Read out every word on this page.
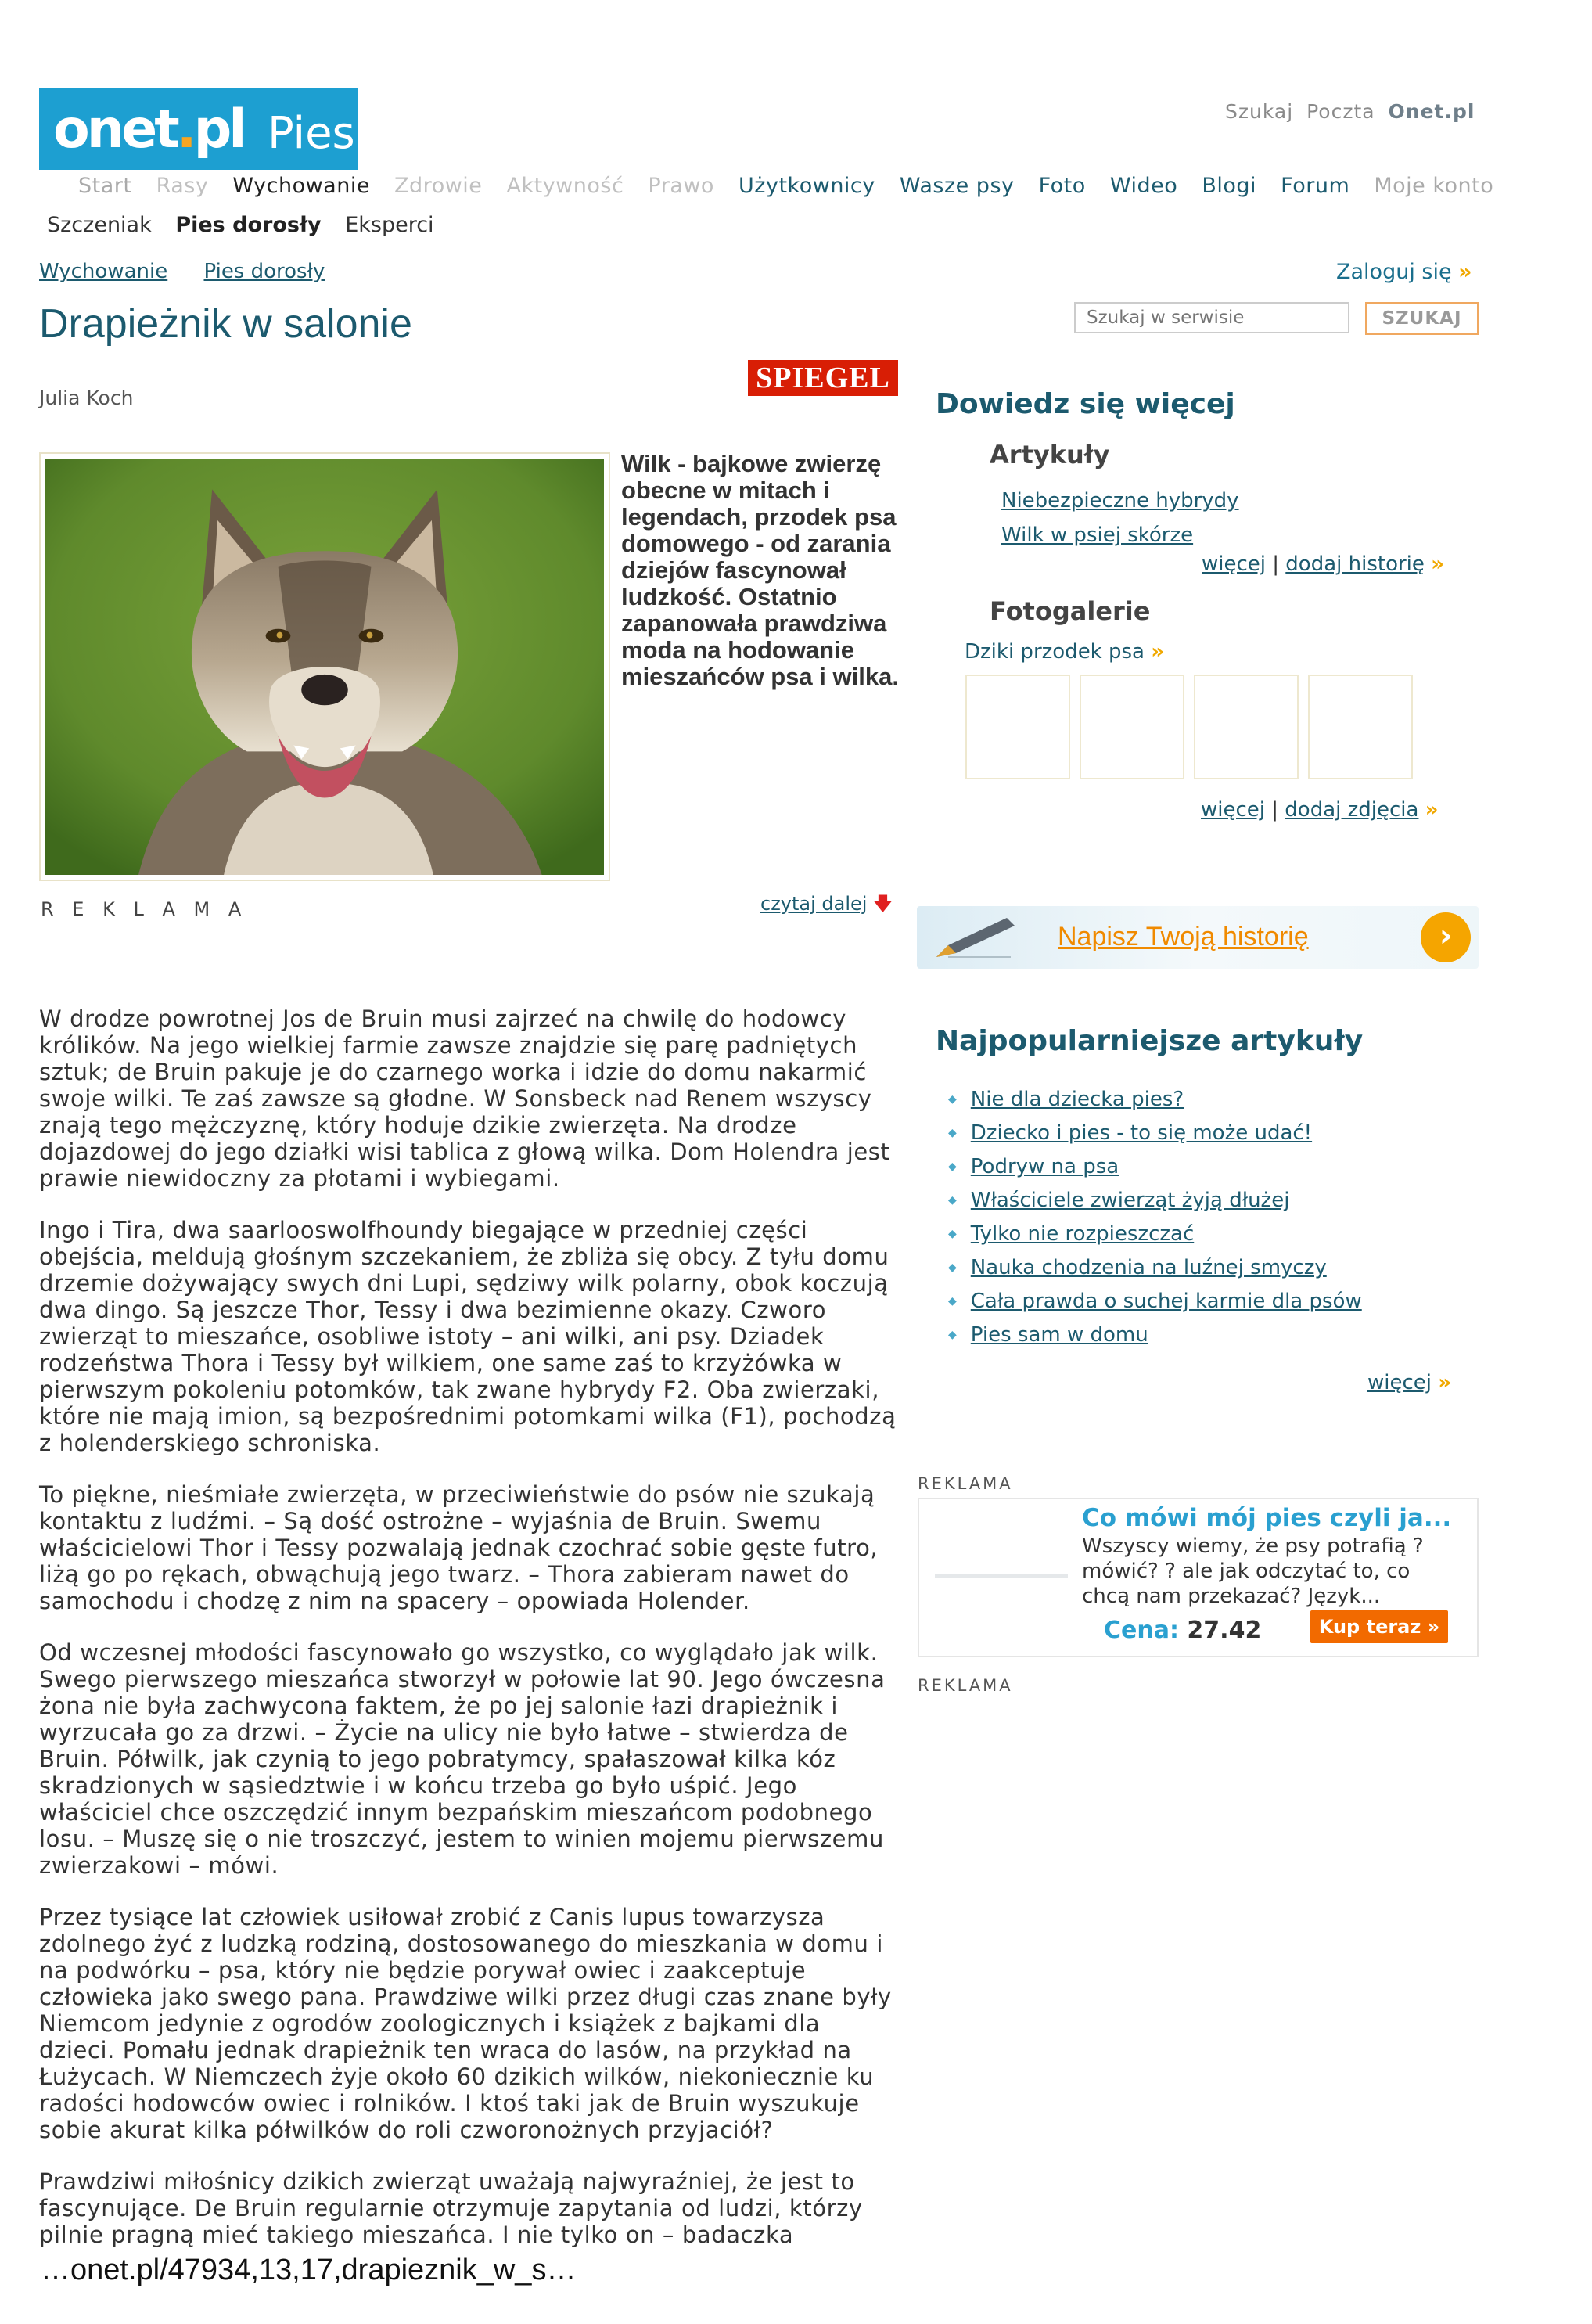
onet.pl Pies	Szukaj Poczta Onet.pl
Start Rasy Wychowanie Zdrowie Aktywność Prawo Użytkownicy Wasze psy Foto Wideo Blogi Forum Moje konto
Szczeniak Pies dorosły Eksperci
Wychowanie Pies dorosły	Zaloguj się »
Szukaj w serwisie
SZUKAJ
Drapieżnik w salonie
Julia Koch
SPIEGEL
Wilk - bajkowe zwierzę obecne w mitach i legendach, przodek psa domowego - od zarania dziejów fascynował ludzkość. Ostatnio zapanowała prawdziwa moda na hodowanie mieszańców psa i wilka.
R E K L A M A	czytaj dalej 🡇

W drodze powrotnej Jos de Bruin musi zajrzeć na chwilę do hodowcy królików. Na jego wielkiej farmie zawsze znajdzie się parę padniętych sztuk; de Bruin pakuje je do czarnego worka i idzie do domu nakarmić swoje wilki. Te zaś zawsze są głodne. W Sonsbeck nad Renem wszyscy znają tego mężczyznę, który hoduje dzikie zwierzęta. Na drodze dojazdowej do jego działki wisi tablica z głową wilka. Dom Holendra jest prawie niewidoczny za płotami i wybiegami.

Ingo i Tira, dwa saarlooswolfhoundy biegające w przedniej części obejścia, meldują głośnym szczekaniem, że zbliża się obcy. Z tyłu domu drzemie dożywający swych dni Lupi, sędziwy wilk polarny, obok koczują dwa dingo. Są jeszcze Thor, Tessy i dwa bezimienne okazy. Czworo zwierząt to mieszańce, osobliwe istoty – ani wilki, ani psy. Dziadek rodzeństwa Thora i Tessy był wilkiem, one same zaś to krzyżówka w pierwszym pokoleniu potomków, tak zwane hybrydy F2. Oba zwierzaki, które nie mają imion, są bezpośrednimi potomkami wilka (F1), pochodzą z holenderskiego schroniska.

To piękne, nieśmiałe zwierzęta, w przeciwieństwie do psów nie szukają kontaktu z ludźmi. – Są dość ostrożne – wyjaśnia de Bruin. Swemu właścicielowi Thor i Tessy pozwalają jednak czochrać sobie gęste futro, liżą go po rękach, obwąchują jego twarz. – Thora zabieram nawet do samochodu i chodzę z nim na spacery – opowiada Holender.

Od wczesnej młodości fascynowało go wszystko, co wyglądało jak wilk. Swego pierwszego mieszańca stworzył w połowie lat 90. Jego ówczesna żona nie była zachwycona faktem, że po jej salonie łazi drapieżnik i wyrzucała go za drzwi. – Życie na ulicy nie było łatwe – stwierdza de Bruin. Półwilk, jak czynią to jego pobratymcy, spałaszował kilka kóz skradzionych w sąsiedztwie i w końcu trzeba go było uśpić. Jego właściciel chce oszczędzić innym bezpańskim mieszańcom podobnego losu. – Muszę się o nie troszczyć, jestem to winien mojemu pierwszemu zwierzakowi – mówi.

Przez tysiące lat człowiek usiłował zrobić z Canis lupus towarzysza zdolnego żyć z ludzką rodziną, dostosowanego do mieszkania w domu i na podwórku – psa, który nie będzie porywał owiec i zaakceptuje człowieka jako swego pana. Prawdziwe wilki przez długi czas znane były Niemcom jedynie z ogrodów zoologicznych i książek z bajkami dla dzieci. Pomału jednak drapieżnik ten wraca do lasów, na przykład na Łużycach. W Niemczech żyje około 60 dzikich wilków, niekoniecznie ku radości hodowców owiec i rolników. I ktoś taki jak de Bruin wyszukuje sobie akurat kilka półwilków do roli czworonożnych przyjaciół?

Prawdziwi miłośnicy dzikich zwierząt uważają najwyraźniej, że jest to fascynujące. De Bruin regularnie otrzymuje zapytania od ludzi, którzy pilnie pragną mieć takiego mieszańca. I nie tylko on – badaczka

…onet.pl/47934,13,17,drapieznik_w_s…
Dowiedz się więcej
Artykuły
Niebezpieczne hybrydy
Wilk w psiej skórze
więcej | dodaj historię »
Fotogalerie
Dziki przodek psa »
więcej | dodaj zdjęcia »
Napisz Twoją historię	›
Najpopularniejsze artykuły
◆ Nie dla dziecka pies?
◆ Dziecko i pies - to się może udać!
◆ Podryw na psa
◆ Właściciele zwierząt żyją dłużej
◆ Tylko nie rozpieszczać
◆ Nauka chodzenia na luźnej smyczy
◆ Cała prawda o suchej karmie dla psów
◆ Pies sam w domu
więcej »
REKLAMA
Co mówi mój pies czyli ja...
Wszyscy wiemy, że psy potrafią ? mówić? ? ale jak odczytać to, co chcą nam przekazać? Język...
Cena: 27.42	Kup teraz »
REKLAMA
